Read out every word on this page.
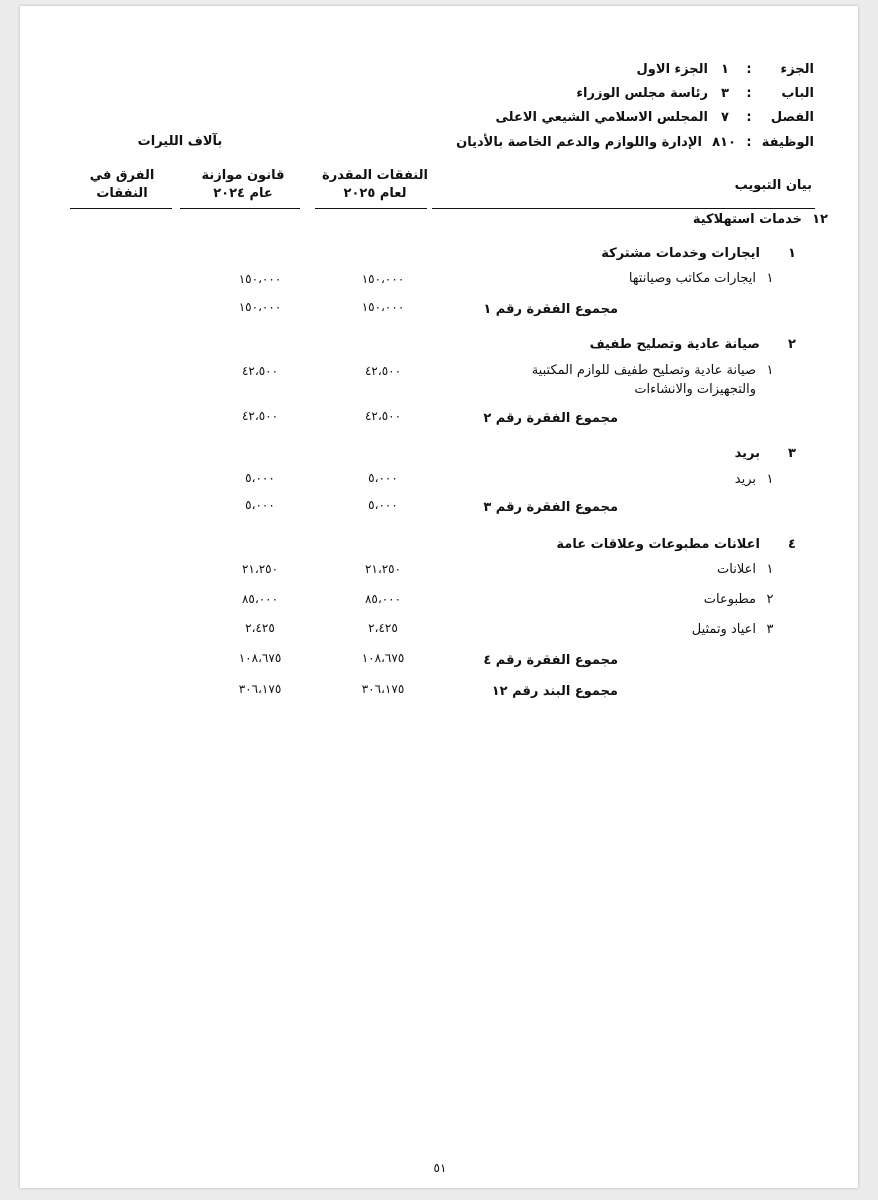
الجزء
:
١
الجزء الاول
الباب
:
٣
رئاسة مجلس الوزراء
الفصل
:
٧
المجلس الاسلامي الشيعي الاعلى
الوظيفة
:
٨١٠
الإدارة واللوازم والدعم الخاصة بالأديان
بآلاف الليرات
بيان التبويب
النفقات المقدرة
لعام ٢٠٢٥
قانون موازنة
عام ٢٠٢٤
الفرق في
النفقات
١٢
خدمات استهلاكية
١
ايجارات وخدمات مشتركة
١
ايجارات مكاتب وصيانتها
١٥٠،٠٠٠
١٥٠،٠٠٠
مجموع الفقرة رقم ١
١٥٠،٠٠٠
١٥٠،٠٠٠
٢
صيانة عادية وتصليح طفيف
١
صيانة عادية وتصليح طفيف للوازم المكتبية
والتجهيزات والانشاءات
٤٢،٥٠٠
٤٢،٥٠٠
مجموع الفقرة رقم ٢
٤٢،٥٠٠
٤٢،٥٠٠
٣
بريد
١
بريد
٥،٠٠٠
٥،٠٠٠
مجموع الفقرة رقم ٣
٥،٠٠٠
٥،٠٠٠
٤
اعلانات مطبوعات وعلاقات عامة
١
اعلانات
٢١،٢٥٠
٢١،٢٥٠
٢
مطبوعات
٨٥،٠٠٠
٨٥،٠٠٠
٣
اعياد وتمثيل
٢،٤٢٥
٢،٤٢٥
مجموع الفقرة رقم ٤
١٠٨،٦٧٥
١٠٨،٦٧٥
مجموع البند رقم ١٢
٣٠٦،١٧٥
٣٠٦،١٧٥
٥١
